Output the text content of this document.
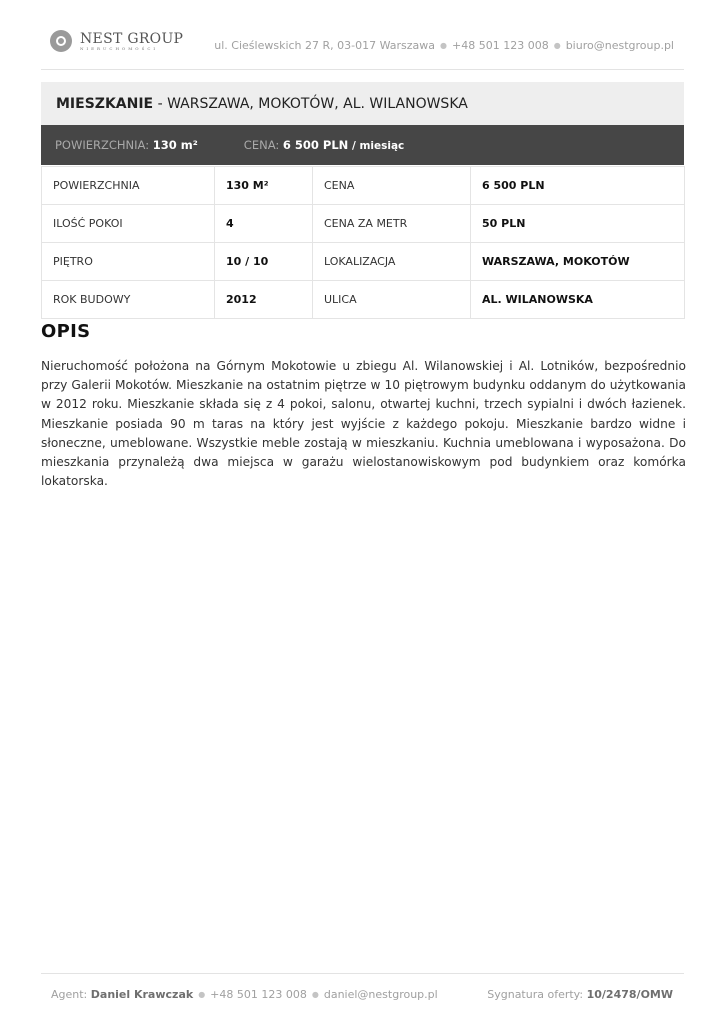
NEST GROUP
NIERUCHOMOŚCI	ul. Cieślewskich 27 R, 03-017 Warszawa ● +48 501 123 008 ● biuro@nestgroup.pl
MIESZKANIE - WARSZAWA, MOKOTÓW, AL. WILANOWSKA
POWIERZCHNIA: 130 m²	CENA: 6 500 PLN / miesiąc
POWIERZCHNIA	130 M²	CENA	6 500 PLN
ILOŚĆ POKOI	4	CENA ZA METR	50 PLN
PIĘTRO	10 / 10	LOKALIZACJA	WARSZAWA, MOKOTÓW
ROK BUDOWY	2012	ULICA	AL. WILANOWSKA
OPIS
Nieruchomość położona na Górnym Mokotowie u zbiegu Al. Wilanowskiej i Al. Lotników, bezpośrednio przy Galerii Mokotów. Mieszkanie na ostatnim piętrze w 10 piętrowym budynku oddanym do użytkowania w 2012 roku. Mieszkanie składa się z 4 pokoi, salonu, otwartej kuchni, trzech sypialni i dwóch łazienek. Mieszkanie posiada 90 m taras na który jest wyjście z każdego pokoju. Mieszkanie bardzo widne i słoneczne, umeblowane. Wszystkie meble zostają w mieszkaniu. Kuchnia umeblowana i wyposażona. Do mieszkania przynależą dwa miejsca w garażu wielostanowiskowym pod budynkiem oraz komórka lokatorska.
Agent: Daniel Krawczak ● +48 501 123 008 ● daniel@nestgroup.pl	Sygnatura oferty: 10/2478/OMW
